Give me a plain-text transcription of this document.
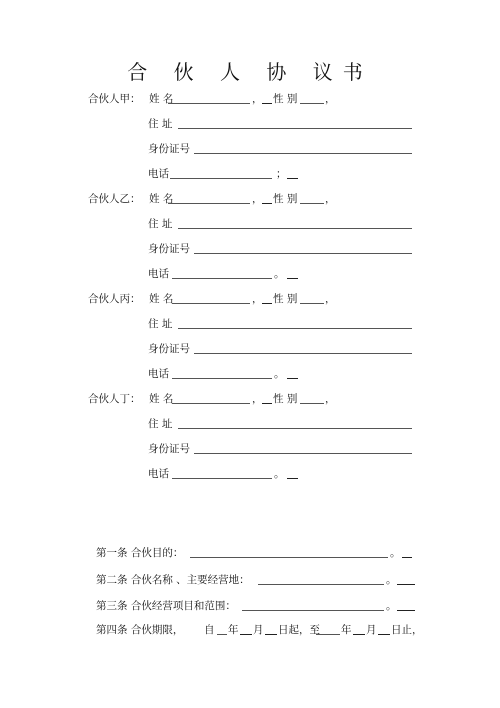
合 伙 人 协 议书
合伙人甲： 姓 名	， 性 别	，
住 址
身份证号
电话	；
合伙人乙： 姓 名	， 性 别	，
住 址
身份证号
电话	。
合伙人丙： 姓 名	， 性 别	，
住 址
身份证号
电话	。
合伙人丁： 姓 名	， 性 别	，
住 址
身份证号
电话	。
第一条 合伙目的：	。
第二条 合伙名称 、主要经营地：	。
第三条 合伙经营项目和范围：	。
第四条 合伙期限， 自 年 月 日起，至 年 月 日止，
